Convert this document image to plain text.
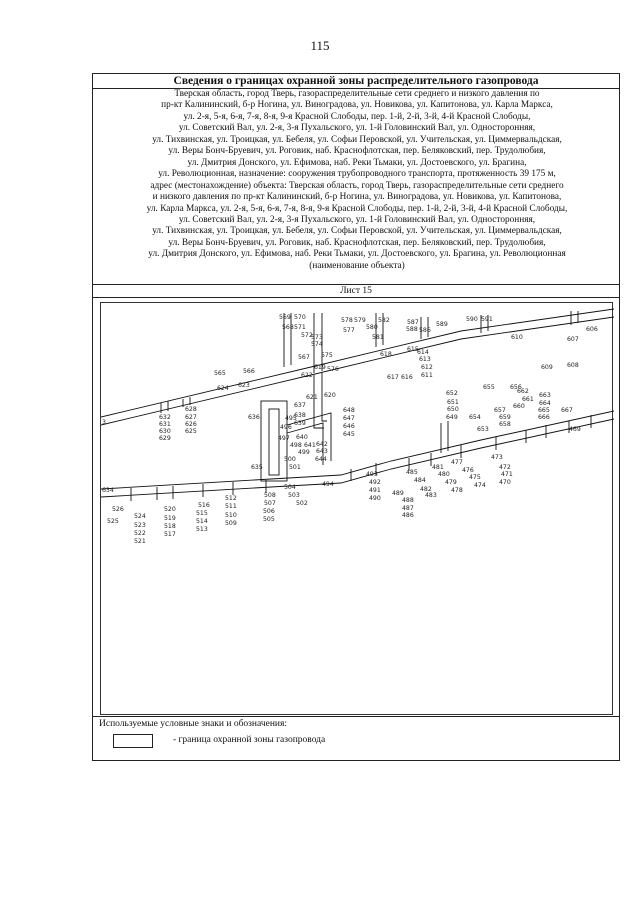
115
Сведения о границах охранной зоны распределительного газопровода
Тверская область, город Тверь, газораспределительные сети среднего и низкого давления по
пр-кт Калининский, б-р Ногина, ул. Виноградова, ул. Новикова, ул. Капитонова, ул. Карла Маркса,
ул. 2-я, 5-я, 6-я, 7-я, 8-я, 9-я Красной Слободы, пер. 1-й, 2-й, 3-й, 4-й Красной Слободы,
ул. Советский Вал, ул. 2-я, 3-я Пухальского, ул. 1-й Головинский Вал, ул. Односторонняя,
ул. Тихвинская, ул. Троицкая, ул. Бебеля, ул. Софьи Перовской, ул. Учительская, ул. Циммервальдская,
ул. Веры Бонч-Бруевич, ул. Роговик, наб. Краснофлотская, пер. Беляковский, пер. Трудолюбия,
ул. Дмитрия Донского, ул. Ефимова, наб. Реки Тьмаки, ул. Достоевского, ул. Брагина,
ул. Революционная, назначение: сооружения трубопроводного транспорта, протяженность 39 175 м,
адрес (местонахождение) объекта: Тверская область, город Тверь, газораспределительные сети среднего
и низкого давления по пр-кт Калининский, б-р Ногина, ул. Виноградова, ул. Новикова, ул. Капитонова,
ул. Карла Маркса, ул. 2-я, 5-я, 6-я, 7-я, 8-я, 9-я Красной Слободы, пер. 1-й, 2-й, 3-й, 4-й Красной Слободы,
ул. Советский Вал, ул. 2-я, 3-я Пухальского, ул. 1-й Головинский Вал, ул. Односторонняя,
ул. Тихвинская, ул. Троицкая, ул. Бебеля, ул. Софьи Перовской, ул. Учительская, ул. Циммервальдская,
ул. Веры Бонч-Бруевич, ул. Роговик, наб. Краснофлотская, пер. Беляковский, пер. Трудолюбия,
ул. Дмитрия Донского, ул. Ефимова, наб. Реки Тьмаки, ул. Достоевского, ул. Брагина, ул. Революционная
(наименование объекта)
Лист 15
3
569 570
571
572
573
574
575
576
577
578 579
580
581
582
586
587
588
589
590 591
606
607
608
609
610
611
612
613
614
615
616
617
618
619
620
621
622
623
624
625
626
627
628
629
630
631
632
565	566
567
568
634
635
636
637
638
639
640
641 642
643
644
645
646
647
648
649
650
651
652
653
654
655 656
657
658
659
660
661
662
663
664
665
666
667
469
470
471
472
473
474
475
476
477
478
479
480
481
482
483
484
485
486
487
488
489
490
491
492
493
494
495
496
497
498
499
500
501
502
503
504
505
506
507
508
509
510
511
512
513
514
515
516
517
518
519
520
521
522
523
524
525
526
Используемые условные знаки и обозначения:
- граница охранной зоны газопровода
